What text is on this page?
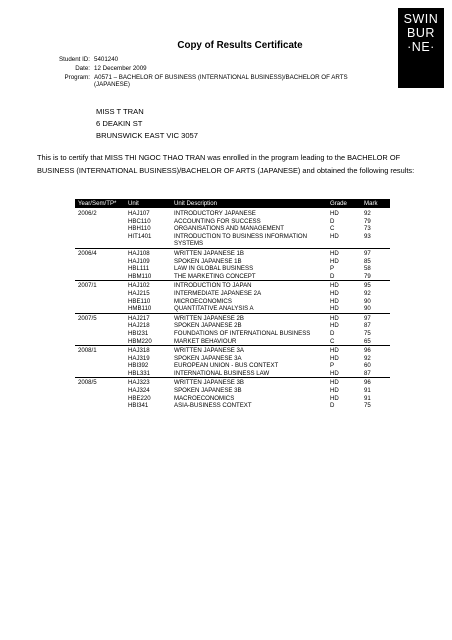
SWIN
BUR
·NE·
Copy of Results Certificate
Student ID: 5401240
Date: 12 December 2009
Program: A0571 – BACHELOR OF BUSINESS (INTERNATIONAL BUSINESS)/BACHELOR OF ARTS
(JAPANESE)
MISS T TRAN
6 DEAKIN ST
BRUNSWICK EAST VIC 3057
This is to certify that MISS THI NGOC THAO TRAN was enrolled in the program leading to the BACHELOR OF BUSINESS (INTERNATIONAL BUSINESS)/BACHELOR OF ARTS (JAPANESE) and obtained the following results:
Year/Sem/TP*	Unit	Unit Description	Grade	Mark
2006/2	HAJ107	INTRODUCTORY JAPANESE	HD	92
	HBC110	ACCOUNTING FOR SUCCESS	D	79
	HBH110	ORGANISATIONS AND MANAGEMENT	C	73
	HIT1401	INTRODUCTION TO BUSINESS INFORMATION SYSTEMS	HD	93
2006/4	HAJ108	WRITTEN JAPANESE 1B	HD	97
	HAJ109	SPOKEN JAPANESE 1B	HD	85
	HBL111	LAW IN GLOBAL BUSINESS	P	58
	HBM110	THE MARKETING CONCEPT	D	79
2007/1	HAJ102	INTRODUCTION TO JAPAN	HD	95
	HAJ215	INTERMEDIATE JAPANESE 2A	HD	92
	HBE110	MICROECONOMICS	HD	90
	HMB110	QUANTITATIVE ANALYSIS A	HD	90
2007/5	HAJ217	WRITTEN JAPANESE 2B	HD	97
	HAJ218	SPOKEN JAPANESE 2B	HD	87
	HBI231	FOUNDATIONS OF INTERNATIONAL BUSINESS	D	75
	HBM220	MARKET BEHAVIOUR	C	65
2008/1	HAJ318	WRITTEN JAPANESE 3A	HD	96
	HAJ319	SPOKEN JAPANESE 3A	HD	92
	HBI392	EUROPEAN UNION - BUS CONTEXT	P	60
	HBL331	INTERNATIONAL BUSINESS LAW	HD	87
2008/5	HAJ323	WRITTEN JAPANESE 3B	HD	96
	HAJ324	SPOKEN JAPANESE 3B	HD	91
	HBE220	MACROECONOMICS	HD	91
	HBI341	ASIA-BUSINESS CONTEXT	D	75
